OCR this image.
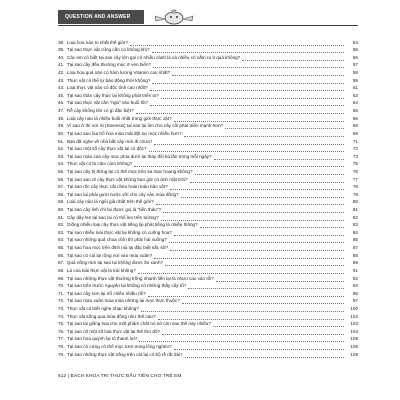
QUESTION AND ANSWER
38. Loại hoa nào to nhất thế giới?	54
39. Tại sao thực vật cũng cần có không khí?	55
40. Các em có biết tại sao cây lớn gọi có nhiều cành lá và nhiều cỏ nằm ra ít quả không?	56
41. Tại sao cây đều thường mọc ở ven biển?	57
42. Loại hoa quả nào có hàm lượng Vitamin cao nhất?	58
43. Thực vật có thể tự bảo động thời không?	59
44. Loại thực vật nào có độc tính cao nhất?	61
45. Tại sao thân cây thực lại không phát triển to?	63
46. Tại sao thực vật cần "ngủ" vào buổi tối?	64
47. Rễ cây không khí có gì đặc biệt?	65
48. Loài cây nào là nhiều buồi nhất trong giới thực vật?	66
49. Vì sao ở thí nơi Si (Sinensis) tại sao lại tìm cho cây cối phát triển mạnh hơn?	68
50. Tại sao sao lúa trổ hoa mùa mát đột sự mọc nhiều hơn?	69
51. Bạn đã nghe về nhà bắt cây mới đi chưa?	71
52. Tại sao một số cây thực vật lại có độc?	72
53. Tại sao màu của cây mọc phía dưới lại thay đổi bù lần trong mỗi ngày?	73
54. Thực vật có bị cảm cúm không?	75
55. Tại sao cây bị đứng lại có thể mọc trên sa mạc hoang không?	76
56. Tại sao sao rẻ cây thực vật không bao giờ có ánh mặt trời?	77
57. Tại sao rốc cây thực cắt chéo hoàn toàn bảo vệt?	78
58. Tại sao lại phải gười nước vời cho cây vào mùa đông?	79
59. Loài cây nào là ngôi già nhất trên thế giới?	80
60. Tại sao cây linh chi lại được gọi là "tiên thảo"?	81
61. Cây dây leo tại sao lại có thể leo trên tường?	82
62. Giống nhiều loại cây thực vật tiếng lại phát tiếng là nhiều thông?	83
63. Tại sao nhiều loài thực vật lại không có cuống hoa?	84
64. Tại sao những quả chua chín thì phải hái xuống?	85
65. Tại sao hoa mọc trên đỉnh núi lại đặc biệt sắc sỡ?	87
66. Tại sao cỏ cúi lại rộng nơi vào mùa xuân?	88
67. Quả nồng mơi tại sao lại không được ăn xanh?	89
68. Lá của loài thực vật là trái không?	91
69. Tại sao những thực vật thường trồng nhanh liền lại là nhưu cao vào tổi?	92
70. Tại sao trên trước nguyên lại không có những thấy cây tổ?	93
71. Tại sao cây sơn lại trổ chiều nhiều rồi?	95
72. Tại sao màu xuân mùa mùa những lại mọc thực thuộc?	97
73. Thực vật có biết nghe nhạc không?	100
74. Thực vật sống qua mùa đông như thế nào?	102
75. Tại sao lại giống loại cho một phẩm chất nó sở còn sau thế này nhiều?	103
76. Tại sao cố một số loài thực vật lại thể thơ đỏ?	104
77. Tại sao hoa quỳnh lại tỏ thanh lợi?	105
78. Tại sao cỏ cứng có thể mọc tươi trong lòng nghèo?	106
79. Tại sao những thực vật sống trên cát lại có bộ rễ rất dài?	108
612 | BÁCH KHOA TRI THỨC ĐẦU TIÊN CHO TRẺ EM
